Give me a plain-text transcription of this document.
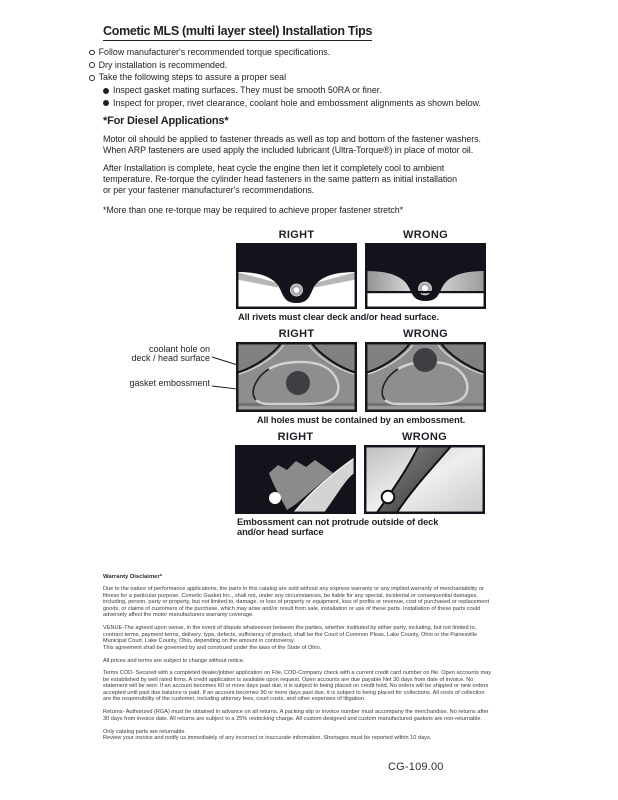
Cometic MLS (multi layer steel) Installation Tips
Follow manufacturer's recommended torque specifications.
Dry installation is recommended.
Take the following steps to assure a proper seal
Inspect gasket mating surfaces. They must be smooth 50RA or finer.
Inspect for proper, rivet clearance, coolant hole and embossment alignments as shown below.
*For Diesel Applications*
Motor oil should be applied to fastener threads as well as top and bottom of the fastener washers.
When ARP fasteners are used apply the included lubricant (Ultra-Torque®) in place of motor oil.
After Installation is complete, heat cycle the engine then let it completely cool to ambient
temperature. Re-torque the cylinder head fasteners in the same pattern as initial installation
or per your fastener manufacturer's recommendations.
*More than one re-torque may be required to achieve proper fastener stretch*
RIGHT	WRONG
All rivets must clear deck and/or head surface.
coolant hole on
deck / head surface
gasket embossment
RIGHT	WRONG
All holes must be contained by an embossment.
RIGHT	WRONG
Embossment can not protrude outside of deck
and/or head surface
Warranty Disclaimer*

Due to the nature of performance applications, the parts in this catalog are sold without any express warranty or any implied warranty of merchantability or
fitness for a particular purpose. Cometic Gasket Inc., shall not, under any circumstances, be liable for any special, incidental or consequential damages,
including, person, party or property, but not limited to, damage, or loss of property or equipment, loss of profits or revenue, cost of purchased or replacement
goods, or claims of customers of the purchase, which may arise and/or result from sale, installation or use of these parts. Installation of these parts could
adversely affect the motor manufacturers warranty coverage.

VENUE-The agreed upon venue, in the event of dispute whatsoever between the parties, whether instituted by either party, including, but not limited to,
contract terms, payment terms, delivery, type, defects, sufficiency of product, shall be the Court of Common Pleas, Lake County, Ohio or the Painesville
Municipal Court, Lake County, Ohio, depending on the amount in controversy.
This agreement shall be governed by and construed under the laws of the State of Ohio.

All prices and terms are subject to change without notice.

Terms COD- Secured with a completed dealer/jobber application on File, COD-Company check with a current credit card number on file. Open accounts may
be established by well rated firms. A credit application is available upon request. Open accounts are due payable Net 30 days from date of invoice. No
statement will be sent. If an account becomes 60 or more days past due, it is subject to being placed on credit hold. No orders will be shipped or new orders
accepted until past due balance is paid. If an account becomes 90 or more days past due, it is subject to being placed for collections. All costs of collection
are the responsibility of the customer, including attorney fees, court costs, and other expenses of litigation.

Returns- Authorized (RGA) must be obtained in advance on all returns. A packing slip or invoice number must accompany the merchandise. No returns after
30 days from invoice date. All returns are subject to a 25% restocking charge. All custom designed and custom manufactured gaskets are non-returnable.

Only catalog parts are returnable.
Review your invoice and notify us immediately of any incorrect or inaccurate information. Shortages must be reported within 10 days.

CG-109.00
